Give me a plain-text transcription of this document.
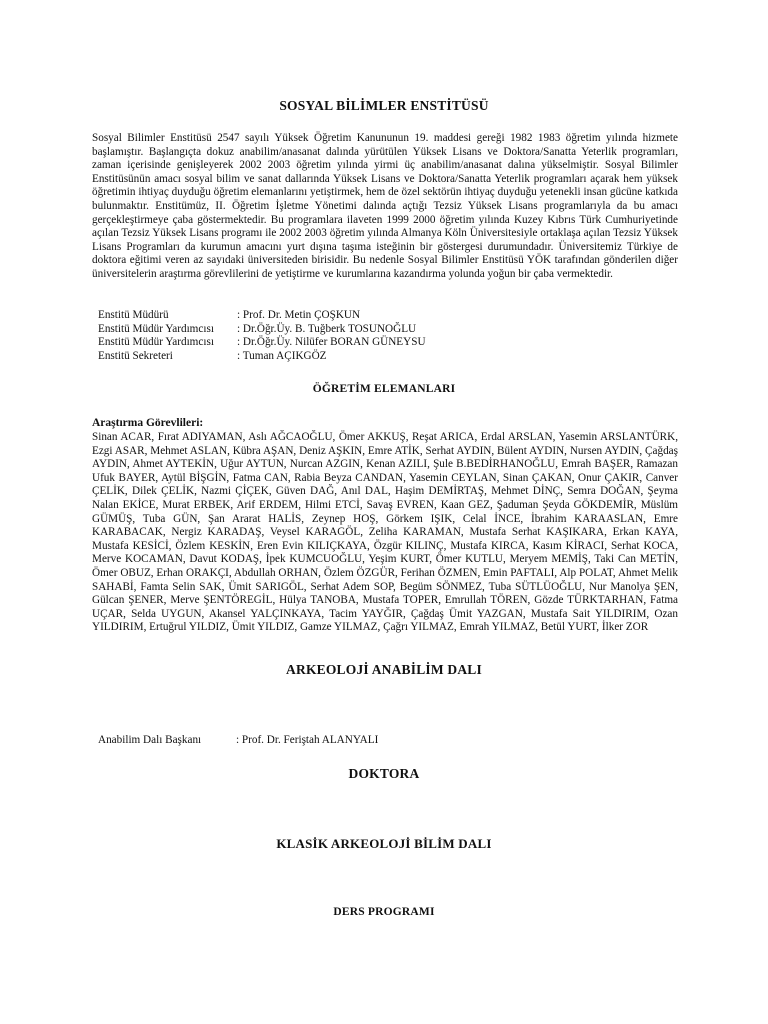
SOSYAL BİLİMLER ENSTİTÜSÜ
Sosyal Bilimler Enstitüsü 2547 sayılı Yüksek Öğretim Kanununun 19. maddesi gereği 1982 1983 öğretim yılında hizmete başlamıştır. Başlangıçta dokuz anabilim/anasanat dalında yürütülen Yüksek Lisans ve Doktora/Sanatta Yeterlik programları, zaman içerisinde genişleyerek 2002 2003 öğretim yılında yirmi üç anabilim/anasanat dalına yükselmiştir. Sosyal Bilimler Enstitüsünün amacı sosyal bilim ve sanat dallarında Yüksek Lisans ve Doktora/Sanatta Yeterlik programları açarak hem yüksek öğretimin ihtiyaç duyduğu öğretim elemanlarını yetiştirmek, hem de özel sektörün ihtiyaç duyduğu yetenekli insan gücüne katkıda bulunmaktır. Enstitümüz, II. Öğretim İşletme Yönetimi dalında açtığı Tezsiz Yüksek Lisans programlarıyla da bu amacı gerçekleştirmeye çaba göstermektedir. Bu programlara ilaveten 1999 2000 öğretim yılında Kuzey Kıbrıs Türk Cumhuriyetinde açılan Tezsiz Yüksek Lisans programı ile 2002 2003 öğretim yılında Almanya Köln Üniversitesiyle ortaklaşa açılan Tezsiz Yüksek Lisans Programları da kurumun amacını yurt dışına taşıma isteğinin bir göstergesi durumundadır. Üniversitemiz Türkiye de doktora eğitimi veren az sayıdaki üniversiteden birisidir. Bu nedenle Sosyal Bilimler Enstitüsü YÖK tarafından gönderilen diğer üniversitelerin araştırma görevlilerini de yetiştirme ve kurumlarına kazandırma yolunda yoğun bir çaba vermektedir.
Enstitü Müdürü	: Prof. Dr. Metin ÇOŞKUN
Enstitü Müdür Yardımcısı	: Dr.Öğr.Üy. B. Tuğberk TOSUNOĞLU
Enstitü Müdür Yardımcısı	: Dr.Öğr.Üy. Nilüfer BORAN GÜNEYSU
Enstitü Sekreteri	: Tuman AÇIKGÖZ
ÖĞRETİM ELEMANLARI
Araştırma Görevlileri:
Sinan ACAR, Fırat ADIYAMAN, Aslı AĞCAOĞLU, Ömer AKKUŞ, Reşat ARICA, Erdal ARSLAN, Yasemin ARSLANTÜRK, Ezgi ASAR, Mehmet ASLAN, Kübra AŞAN, Deniz AŞKIN, Emre ATİK, Serhat AYDIN, Bülent AYDIN, Nursen AYDIN, Çağdaş AYDIN, Ahmet AYTEKİN, Uğur AYTUN, Nurcan AZGIN, Kenan AZILI, Şule B.BEDİRHANOĞLU, Emrah BAŞER, Ramazan Ufuk BAYER, Aytül BİŞGİN, Fatma CAN, Rabia Beyza CANDAN, Yasemin CEYLAN, Sinan ÇAKAN, Onur ÇAKIR, Canver ÇELİK, Dilek ÇELİK, Nazmi ÇİÇEK, Güven DAĞ, Anıl DAL, Haşim DEMİRTAŞ, Mehmet DİNÇ, Semra DOĞAN, Şeyma Nalan EKİCE, Murat ERBEK, Arif ERDEM, Hilmi ETCİ, Savaş EVREN, Kaan GEZ, Şaduman Şeyda GÖKDEMİR, Müslüm GÜMÜŞ, Tuba GÜN, Şan Ararat HALİS, Zeynep HOŞ, Görkem IŞIK, Celal İNCE, İbrahim KARAASLAN, Emre KARABACAK, Nergiz KARADAŞ, Veysel KARAGÖL, Zeliha KARAMAN, Mustafa Serhat KAŞIKARA, Erkan KAYA, Mustafa KESİCİ, Özlem KESKİN, Eren Evin KILIÇKAYA, Özgür KILINÇ, Mustafa KIRCA, Kasım KİRACI, Serhat KOCA, Merve KOCAMAN, Davut KODAŞ, İpek KUMCUOĞLU, Yeşim KURT, Ömer KUTLU, Meryem MEMİŞ, Taki Can METİN, Ömer OBUZ, Erhan ORAKÇI, Abdullah ORHAN, Özlem ÖZGÜR, Ferihan ÖZMEN, Emin PAFTALI, Alp POLAT, Ahmet Melik SAHABİ, Famta Selin SAK, Ümit SARIGÖL, Serhat Adem SOP, Begüm SÖNMEZ, Tuba SÜTLÜOĞLU, Nur Manolya ŞEN, Gülcan ŞENER, Merve ŞENTÖREGİL, Hülya TANOBA, Mustafa TOPER, Emrullah TÖREN, Gözde TÜRKTARHAN, Fatma UÇAR, Selda UYGUN, Akansel YALÇINKAYA, Tacim YAYĞIR, Çağdaş Ümit YAZGAN, Mustafa Sait YILDIRIM, Ozan YILDIRIM, Ertuğrul YILDIZ, Ümit YILDIZ, Gamze YILMAZ, Çağrı YILMAZ, Emrah YILMAZ, Betül YURT, İlker ZOR
ARKEOLOJİ ANABİLİM DALI
Anabilim Dalı Başkanı	: Prof. Dr. Feriştah ALANYALI
DOKTORA
KLASİK ARKEOLOJİ BİLİM DALI
DERS PROGRAMI
